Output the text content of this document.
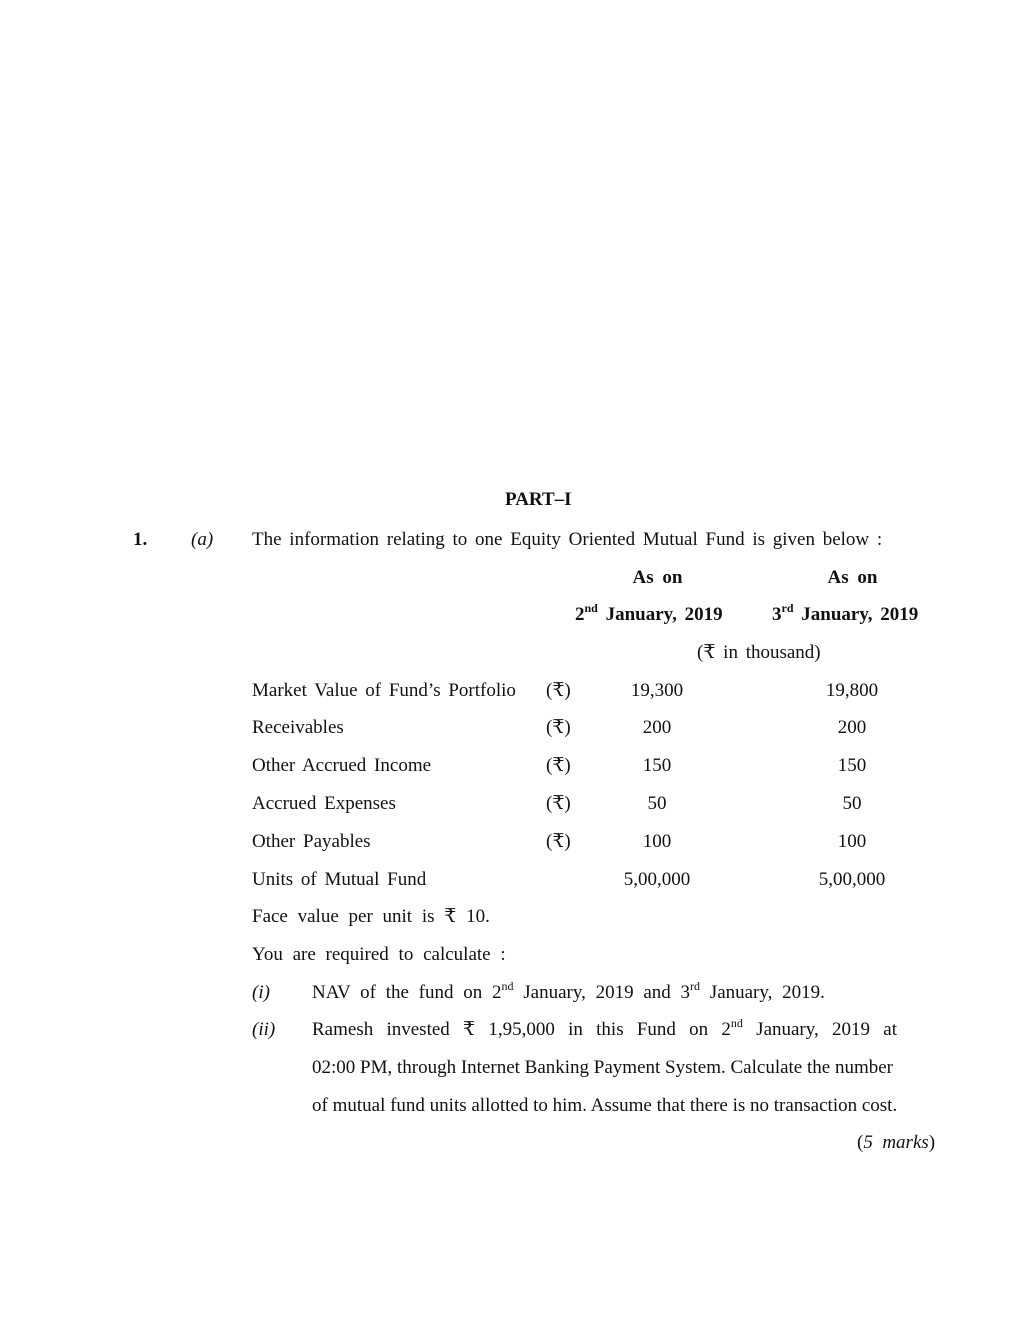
PART–I
1. (a) The information relating to one Equity Oriented Mutual Fund is given below :
As on	As on
2nd January, 2019	3rd January, 2019
(₹ in thousand)
Market Value of Fund’s Portfolio (₹)	19,300	19,800
Receivables	(₹)	200	200
Other Accrued Income	(₹)	150	150
Accrued Expenses	(₹)	50	50
Other Payables	(₹)	100	100
Units of Mutual Fund	5,00,000	5,00,000
Face value per unit is ₹ 10.
You are required to calculate :
(i) NAV of the fund on 2nd January, 2019 and 3rd January, 2019.
(ii) Ramesh invested ₹ 1,95,000 in this Fund on 2nd January, 2019 at
02:00 PM, through Internet Banking Payment System. Calculate the number
of mutual fund units allotted to him. Assume that there is no transaction cost.
(5 marks)
